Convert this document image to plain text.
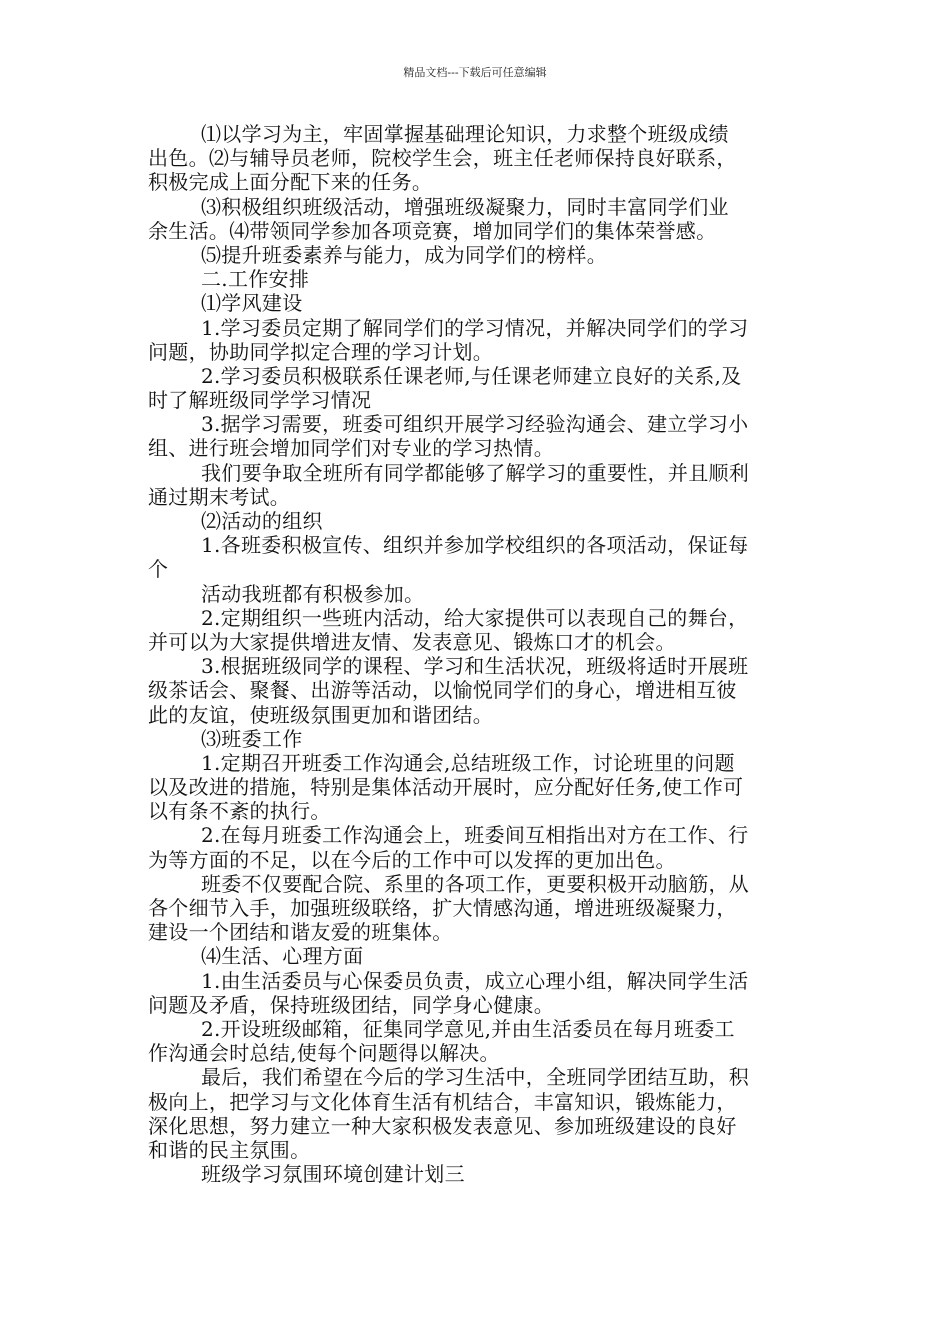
精品文档---下载后可任意编辑
⑴以学习为主，牢固掌握基础理论知识，力求整个班级成绩
出色。⑵与辅导员老师，院校学生会，班主任老师保持良好联系，
积极完成上面分配下来的任务。
⑶积极组织班级活动，增强班级凝聚力，同时丰富同学们业
余生活。⑷带领同学参加各项竞赛，增加同学们的集体荣誉感。
⑸提升班委素养与能力，成为同学们的榜样。
二.工作安排
⑴学风建设
1.学习委员定期了解同学们的学习情况，并解决同学们的学习
问题，协助同学拟定合理的学习计划。
2.学习委员积极联系任课老师,与任课老师建立良好的关系,及
时了解班级同学学习情况
3.据学习需要，班委可组织开展学习经验沟通会、建立学习小
组、进行班会增加同学们对专业的学习热情。
我们要争取全班所有同学都能够了解学习的重要性，并且顺利
通过期末考试。
⑵活动的组织
1.各班委积极宣传、组织并参加学校组织的各项活动，保证每
个
活动我班都有积极参加。
2.定期组织一些班内活动，给大家提供可以表现自己的舞台，
并可以为大家提供增进友情、发表意见、锻炼口才的机会。
3.根据班级同学的课程、学习和生活状况，班级将适时开展班
级茶话会、聚餐、出游等活动，以愉悦同学们的身心，增进相互彼
此的友谊，使班级氛围更加和谐团结。
⑶班委工作
1.定期召开班委工作沟通会,总结班级工作，讨论班里的问题
以及改进的措施，特别是集体活动开展时，应分配好任务,使工作可
以有条不紊的执行。
2.在每月班委工作沟通会上，班委间互相指出对方在工作、行
为等方面的不足，以在今后的工作中可以发挥的更加出色。
班委不仅要配合院、系里的各项工作，更要积极开动脑筋，从
各个细节入手，加强班级联络，扩大情感沟通，增进班级凝聚力，
建设一个团结和谐友爱的班集体。
⑷生活、心理方面
1.由生活委员与心保委员负责，成立心理小组，解决同学生活
问题及矛盾，保持班级团结，同学身心健康。
2.开设班级邮箱，征集同学意见,并由生活委员在每月班委工
作沟通会时总结,使每个问题得以解决。
最后，我们希望在今后的学习生活中，全班同学团结互助，积
极向上，把学习与文化体育生活有机结合，丰富知识，锻炼能力，
深化思想，努力建立一种大家积极发表意见、参加班级建设的良好
和谐的民主氛围。
班级学习氛围环境创建计划三
